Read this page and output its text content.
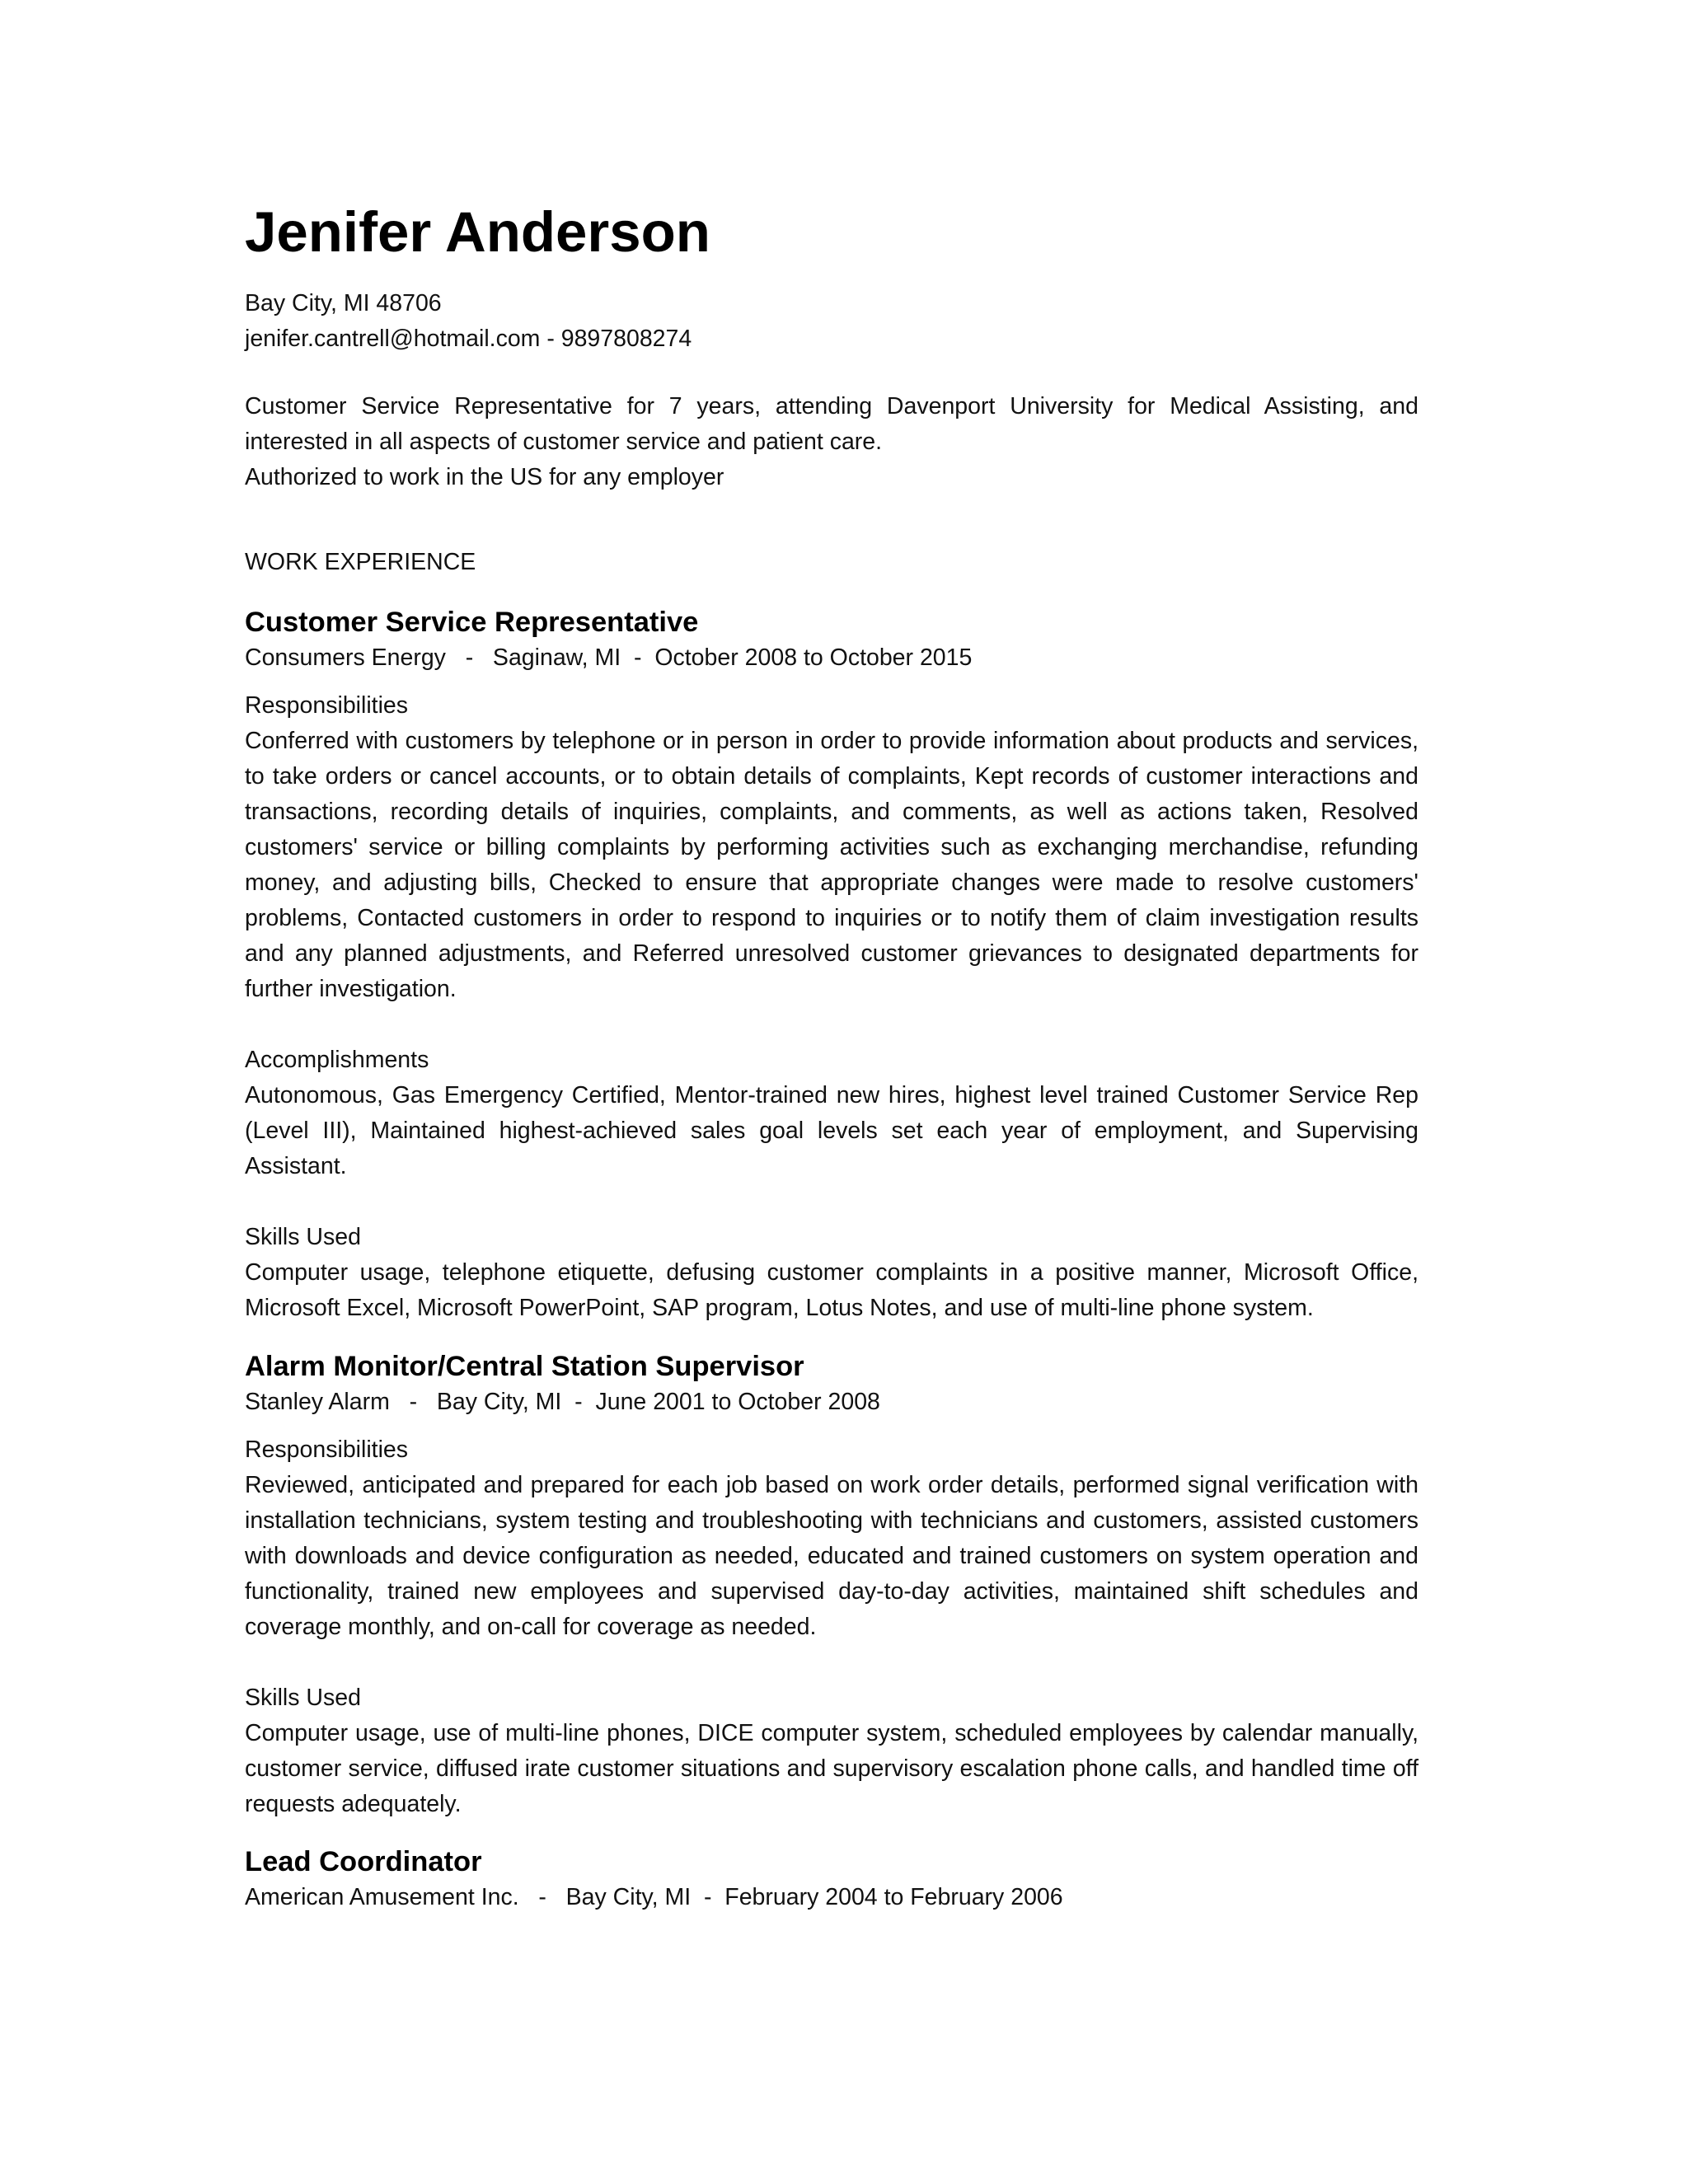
Jenifer Anderson
Bay City, MI 48706
jenifer.cantrell@hotmail.com - 9897808274
Customer Service Representative for 7 years, attending Davenport University for Medical Assisting, and interested in all aspects of customer service and patient care.
Authorized to work in the US for any employer
WORK EXPERIENCE
Customer Service Representative
Consumers Energy   -   Saginaw, MI  -  October 2008 to October 2015
Responsibilities
Conferred with customers by telephone or in person in order to provide information about products and services, to take orders or cancel accounts, or to obtain details of complaints, Kept records of customer interactions and transactions, recording details of inquiries, complaints, and comments, as well as actions taken, Resolved customers' service or billing complaints by performing activities such as exchanging merchandise, refunding money, and adjusting bills, Checked to ensure that appropriate changes were made to resolve customers' problems, Contacted customers in order to respond to inquiries or to notify them of claim investigation results and any planned adjustments, and Referred unresolved customer grievances to designated departments for further investigation.
Accomplishments
Autonomous, Gas Emergency Certified, Mentor-trained new hires, highest level trained Customer Service Rep (Level III), Maintained highest-achieved sales goal levels set each year of employment, and Supervising Assistant.
Skills Used
Computer usage, telephone etiquette, defusing customer complaints in a positive manner, Microsoft Office, Microsoft Excel, Microsoft PowerPoint, SAP program, Lotus Notes, and use of multi-line phone system.
Alarm Monitor/Central Station Supervisor
Stanley Alarm   -   Bay City, MI  -  June 2001 to October 2008
Responsibilities
Reviewed, anticipated and prepared for each job based on work order details, performed signal verification with installation technicians, system testing and troubleshooting with technicians and customers, assisted customers with downloads and device configuration as needed, educated and trained customers on system operation and functionality, trained new employees and supervised day-to-day activities, maintained shift schedules and coverage monthly, and on-call for coverage as needed.
Skills Used
Computer usage, use of multi-line phones, DICE computer system, scheduled employees by calendar manually, customer service, diffused irate customer situations and supervisory escalation phone calls, and handled time off requests adequately.
Lead Coordinator
American Amusement Inc.   -   Bay City, MI  -  February 2004 to February 2006
